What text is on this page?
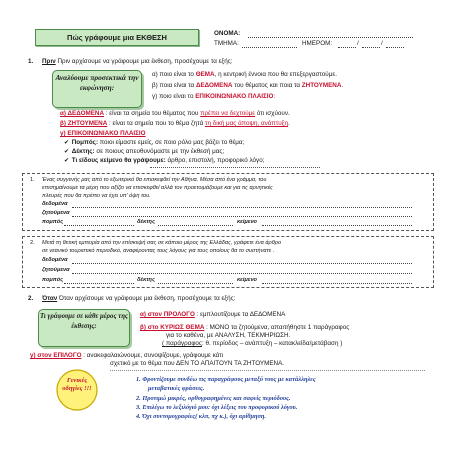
Πώς γράφουμε μια ΕΚΘΕΣΗ	ΟΝΟΜΑ:
ΤΜΗΜΑ:	ΗΜΕΡΟΜ:	/	/
1. Πριν Πριν αρχίσουμε να γράφουμε μια έκθεση, προσέχουμε τα εξής:
Αναλύουμε προσεκτικά την εκφώνηση:
α) ποιο είναι το ΘΕΜΑ, η κεντρική έννοια που θα επεξεργαστούμε.
β) ποια είναι τα ΔΕΔΟΜΕΝΑ του θέματος και ποια τα ΖΗΤΟΥΜΕΝΑ.
γ) ποιο είναι το ΕΠΙΚΟΙΝΩΝΙΑΚΟ ΠΛΑΙΣΙΟ:
α) ΔΕΔΟΜΕΝΑ : είναι τα σημεία του θέματος που πρέπει να δεχτούμε ότι ισχύουν.
β) ΖΗΤΟΥΜΕΝΑ : είναι τα σημεία που το θέμα ζητά τη δική μας άποψη, ανάπτυξη.
γ) ΕΠΙΚΟΙΝΩΝΙΑΚΟ ΠΛΑΙΣΙΟ
✔ Πομπός: ποιοι είμαστε εμείς, σε ποιο ρόλο μας βάζει το θέμα;
✔ Δέκτης: σε ποιους απευθυνόμαστε με την έκθεσή μας;
✔ Τι είδους κείμενο θα γράψουμε: άρθρο, επιστολή, προφορικό λόγο;
1. Ένας συγγενής μας από το εξωτερικό θα επισκεφθεί την Αθήνα. Μέσα από ένα γράμμα, του
επισημαίνουμε τα μέρη που αξίζει να επισκεφθεί αλλά τον προετοιμάζουμε και για τις αρνητικές
πλευρές που θα πρέπει να έχει υπ' όψη του.
δεδομένα
ζητούμενα
πομπός	δέκτης	κείμενο
2. Μετά τη θετική εμπειρία από την επίσκεψή σας σε κάποιο μέρος της Ελλάδας, γράφετε ένα άρθρο
σε νεανικό τουριστικό περιοδικό, αναφέροντας τους λόγους για τους οποίους θα το συστήνατε .
δεδομένα
ζητούμενα
πομπός	δέκτης	κείμενο
2. Όταν Όταν αρχίσουμε να γράφουμε μια έκθεση, προσέχουμε τα εξής:
Τι γράφουμε σε κάθε μέρος της έκθεσης:
α) στον ΠΡΟΛΟΓΟ : εμπλουτίζουμε τα ΔΕΔΟΜΕΝΑ
β) στο ΚΥΡΙΩΣ ΘΕΜΑ : ΜΟΝΟ τα ζητούμενα, απαιτήθηστε 1 παράγραφος
για το καθένα, με ΑΝΑΛΥΣΗ, ΤΕΚΜΗΡΙΩΣΗ.
( παράγραφος: θ. περίοδος – ανάπτυξη – κατακλείδα/μετάβαση )
γ) στον ΕΠΙΛΟΓΟ : ανακεφαλαιώνουμε, συνοψίζουμε, γράφουμε κάτι
σχετικό με το θέμα που ΔΕΝ ΤΟ ΑΠΑΙΤΟΥΝ ΤΑ ΖΗΤΟΥΜΕΝΑ.
Γενικές οδηγίες !!!
1. Φροντίζουμε συνδέω τις παραγράφους μεταξύ τους με κατάλληλες
μεταβατικές φράσεις.
2. Προτιμώ μικρές, ορθογραφημένες και σαφείς περιόδους.
3. Επιλέγω το λεξιλόγιό μου: όχι λέξεις του προφορικού λόγου.
4. Όχι συντομογραφίες( κλπ, πχ κ.), όχι αρίθμηση.
